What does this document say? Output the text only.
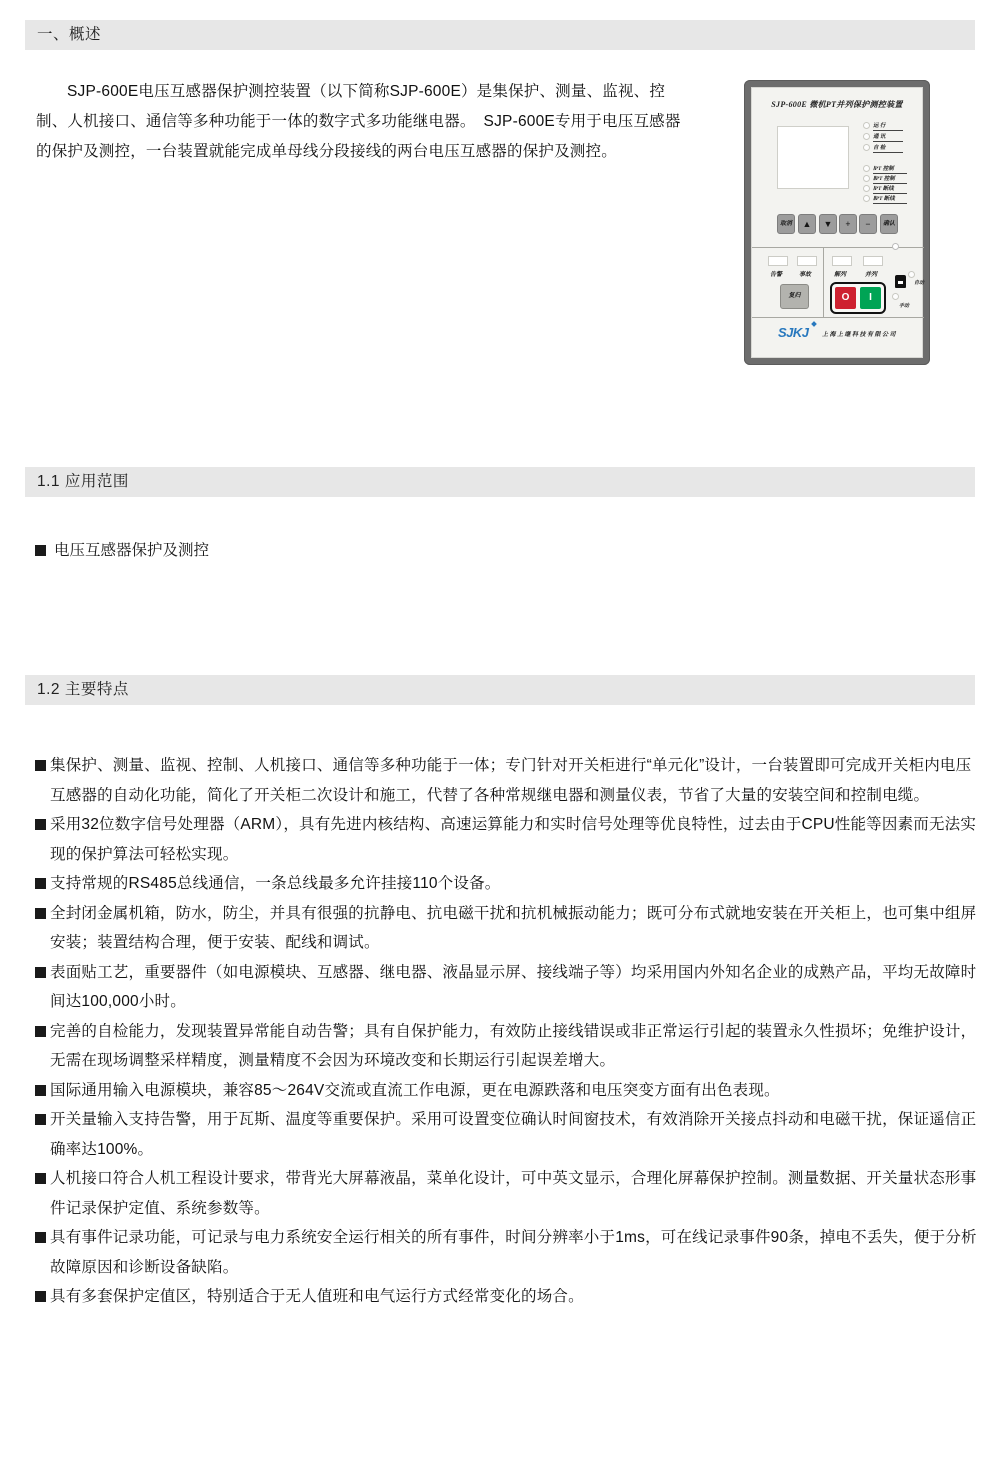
一、概述
SJP-600E电压互感器保护测控装置（以下简称SJP-600E）是集保护、测量、监视、控制、人机接口、通信等多种功能于一体的数字式多功能继电器。　SJP-600E专用于电压互感器的保护及测控，一台装置就能完成单母线分段接线的两台电压互感器的保护及测控。
SJP-600E 微机PT并列保护测控装置
运 行
通 讯
自 检
ⅠPT 控制
ⅡPT 控制
ⅠPT 断线
ⅡPT 断线
取消	▲	▼	+	−	确认
告警	事故
复归
解列	并列
O	I
自动
手动
SJKJ 上海上继科技有限公司
1.1 应用范围
电压互感器保护及测控
1.2 主要特点
集保护、测量、监视、控制、人机接口、通信等多种功能于一体；专门针对开关柜进行“单元化”设计，一台装置即可完成开关柜内电压互感器的自动化功能，简化了开关柜二次设计和施工，代替了各种常规继电器和测量仪表，节省了大量的安装空间和控制电缆。
采用32位数字信号处理器（ARM），具有先进内核结构、高速运算能力和实时信号处理等优良特性，过去由于CPU性能等因素而无法实现的保护算法可轻松实现。
支持常规的RS485总线通信，一条总线最多允许挂接110个设备。
全封闭金属机箱，防水，防尘，并具有很强的抗静电、抗电磁干扰和抗机械振动能力；既可分布式就地安装在开关柜上，也可集中组屏安装；装置结构合理，便于安装、配线和调试。
表面贴工艺，重要器件（如电源模块、互感器、继电器、液晶显示屏、接线端子等）均采用国内外知名企业的成熟产品，平均无故障时间达100,000小时。
完善的自检能力，发现装置异常能自动告警；具有自保护能力，有效防止接线错误或非正常运行引起的装置永久性损坏；免维护设计，无需在现场调整采样精度，测量精度不会因为环境改变和长期运行引起误差增大。
国际通用输入电源模块，兼容85～264V交流或直流工作电源，更在电源跌落和电压突变方面有出色表现。
开关量输入支持告警，用于瓦斯、温度等重要保护。采用可设置变位确认时间窗技术，有效消除开关接点抖动和电磁干扰，保证遥信正确率达100%。
人机接口符合人机工程设计要求，带背光大屏幕液晶，菜单化设计，可中英文显示，合理化屏幕保护控制。测量数据、开关量状态形事件记录保护定值、系统参数等。
具有事件记录功能，可记录与电力系统安全运行相关的所有事件，时间分辨率小于1ms，可在线记录事件90条，掉电不丢失，便于分析故障原因和诊断设备缺陷。
具有多套保护定值区，特别适合于无人值班和电气运行方式经常变化的场合。
